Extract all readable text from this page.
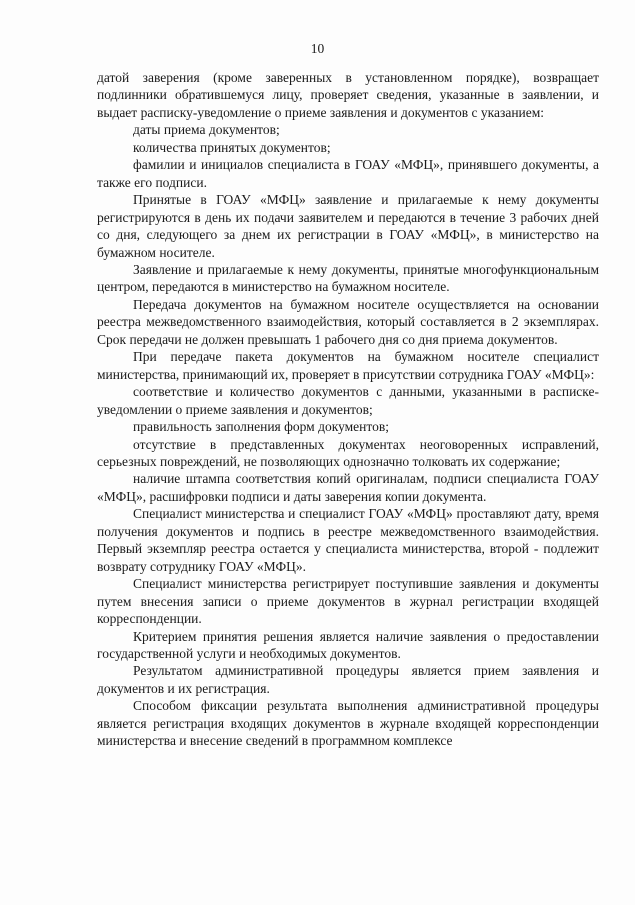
10

датой заверения (кроме заверенных в установленном порядке), возвращает подлинники обратившемуся лицу, проверяет сведения, указанные в заявлении, и выдает расписку-уведомление о приеме заявления и документов с указанием:

даты приема документов;

количества принятых документов;

фамилии и инициалов специалиста в ГОАУ «МФЦ», принявшего документы, а также его подписи.

Принятые в ГОАУ «МФЦ» заявление и прилагаемые к нему документы регистрируются в день их подачи заявителем и передаются в течение 3 рабочих дней со дня, следующего за днем их регистрации в ГОАУ «МФЦ», в министерство на бумажном носителе.

Заявление и прилагаемые к нему документы, принятые многофункциональным центром, передаются в министерство на бумажном носителе.

Передача документов на бумажном носителе осуществляется на основании реестра межведомственного взаимодействия, который составляется в 2 экземплярах. Срок передачи не должен превышать 1 рабочего дня со дня приема документов.

При передаче пакета документов на бумажном носителе специалист министерства, принимающий их, проверяет в присутствии сотрудника ГОАУ «МФЦ»:

соответствие и количество документов с данными, указанными в расписке-уведомлении о приеме заявления и документов;

правильность заполнения форм документов;

отсутствие в представленных документах неоговоренных исправлений, серьезных повреждений, не позволяющих однозначно толковать их содержание;

наличие штампа соответствия копий оригиналам, подписи специалиста ГОАУ «МФЦ», расшифровки подписи и даты заверения копии документа.

Специалист министерства и специалист ГОАУ «МФЦ» проставляют дату, время получения документов и подпись в реестре межведомственного взаимодействия. Первый экземпляр реестра остается у специалиста министерства, второй - подлежит возврату сотруднику ГОАУ «МФЦ».

Специалист министерства регистрирует поступившие заявления и документы путем внесения записи о приеме документов в журнал регистрации входящей корреспонденции.

Критерием принятия решения является наличие заявления о предоставлении государственной услуги и необходимых документов.

Результатом административной процедуры является прием заявления и документов и их регистрация.

Способом фиксации результата выполнения административной процедуры является регистрация входящих документов в журнале входящей корреспонденции министерства и внесение сведений в программном комплексе
